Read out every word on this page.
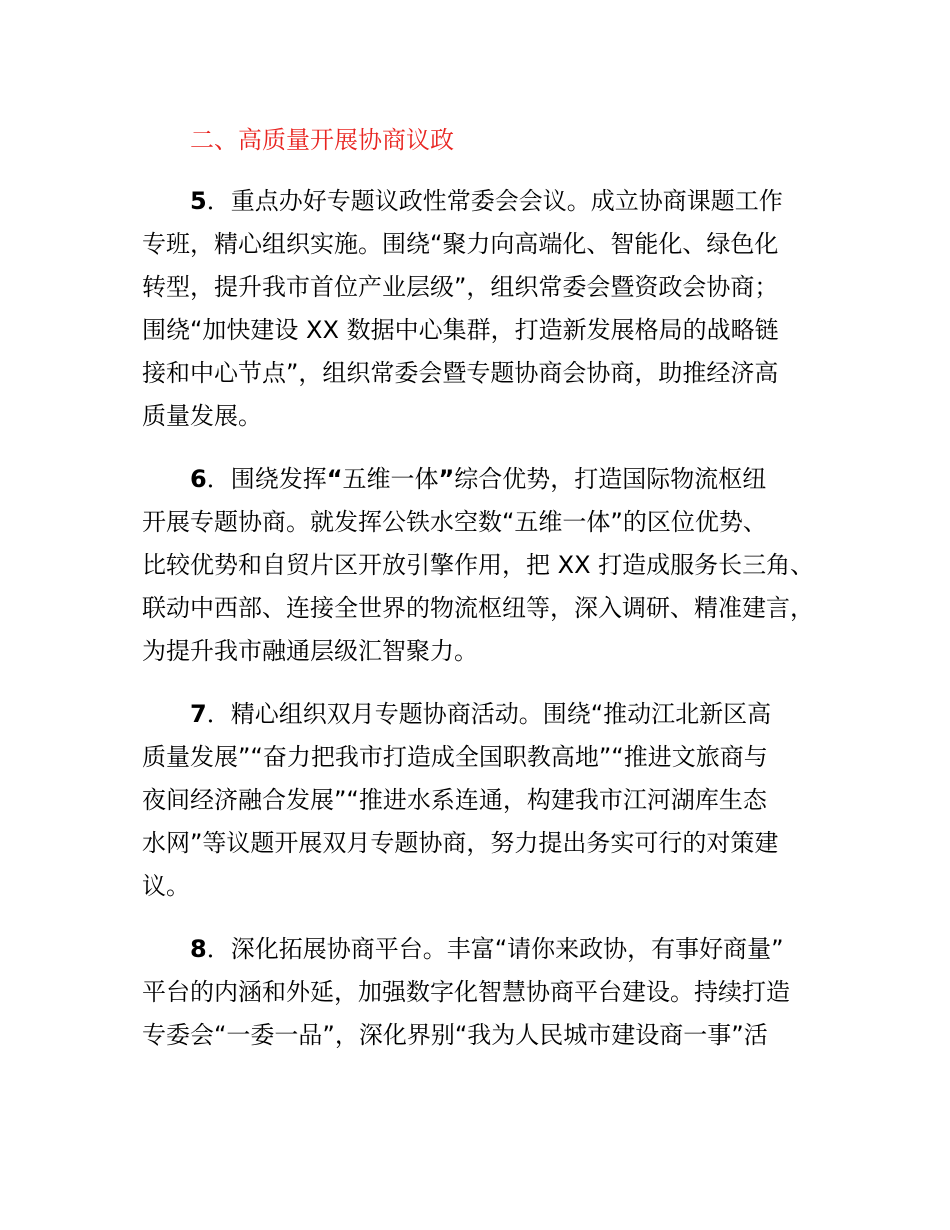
二、高质量开展协商议政
5．重点办好专题议政性常委会会议。成立协商课题工作
专班，精心组织实施。围绕“聚力向高端化、智能化、绿色化
转型，提升我市首位产业层级”，组织常委会暨资政会协商；
围绕“加快建设 XX 数据中心集群，打造新发展格局的战略链
接和中心节点”，组织常委会暨专题协商会协商，助推经济高
质量发展。
6．围绕发挥“五维一体”综合优势，打造国际物流枢纽
开展专题协商。就发挥公铁水空数“五维一体”的区位优势、
比较优势和自贸片区开放引擎作用，把 XX 打造成服务长三角、
联动中西部、连接全世界的物流枢纽等，深入调研、精准建言，
为提升我市融通层级汇智聚力。
7．精心组织双月专题协商活动。围绕“推动江北新区高
质量发展”“奋力把我市打造成全国职教高地”“推进文旅商与
夜间经济融合发展”“推进水系连通，构建我市江河湖库生态
水网”等议题开展双月专题协商，努力提出务实可行的对策建
议。
8．深化拓展协商平台。丰富“请你来政协，有事好商量”
平台的内涵和外延，加强数字化智慧协商平台建设。持续打造
专委会“一委一品”，深化界别“我为人民城市建设商一事”活
